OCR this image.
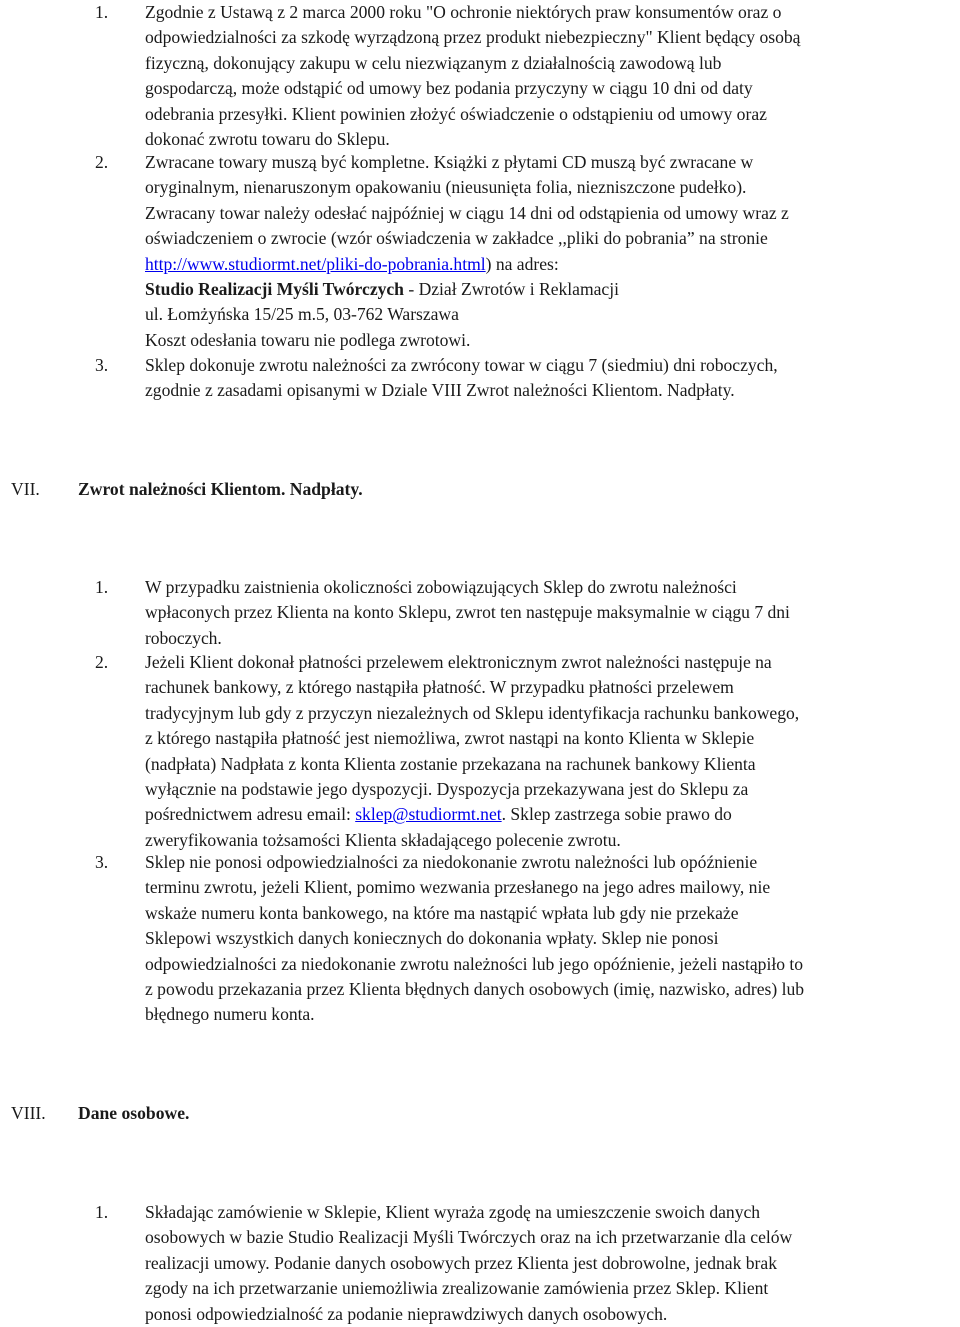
1. Zgodnie z Ustawą z 2 marca 2000 roku "O ochronie niektórych praw konsumentów oraz o
odpowiedzialności za szkodę wyrządzoną przez produkt niebezpieczny" Klient będący osobą
fizyczną, dokonujący zakupu w celu niezwiązanym z działalnością zawodową lub
gospodarczą, może odstąpić od umowy bez podania przyczyny w ciągu 10 dni od daty
odebrania przesyłki. Klient powinien złożyć oświadczenie o odstąpieniu od umowy oraz
dokonać zwrotu towaru do Sklepu.
2. Zwracane towary muszą być kompletne. Książki z płytami CD muszą być zwracane w
oryginalnym, nienaruszonym opakowaniu (nieusunięta folia, niezniszczone pudełko).
Zwracany towar należy odesłać najpóźniej w ciągu 14 dni od odstąpienia od umowy wraz z
oświadczeniem o zwrocie (wzór oświadczenia w zakładce ,,pliki do pobrania” na stronie
http://www.studiormt.net/pliki-do-pobrania.html) na adres:
Studio Realizacji Myśli Twórczych - Dział Zwrotów i Reklamacji
ul. Łomżyńska 15/25 m.5, 03-762 Warszawa
Koszt odesłania towaru nie podlega zwrotowi.
3. Sklep dokonuje zwrotu należności za zwrócony towar w ciągu 7 (siedmiu) dni roboczych,
zgodnie z zasadami opisanymi w Dziale VIII Zwrot należności Klientom. Nadpłaty.
VII. Zwrot należności Klientom. Nadpłaty.
1. W przypadku zaistnienia okoliczności zobowiązujących Sklep do zwrotu należności
wpłaconych przez Klienta na konto Sklepu, zwrot ten następuje maksymalnie w ciągu 7 dni
roboczych.
2. Jeżeli Klient dokonał płatności przelewem elektronicznym zwrot należności następuje na
rachunek bankowy, z którego nastąpiła płatność. W przypadku płatności przelewem
tradycyjnym lub gdy z przyczyn niezależnych od Sklepu identyfikacja rachunku bankowego,
z którego nastąpiła płatność jest niemożliwa, zwrot nastąpi na konto Klienta w Sklepie
(nadpłata) Nadpłata z konta Klienta zostanie przekazana na rachunek bankowy Klienta
wyłącznie na podstawie jego dyspozycji. Dyspozycja przekazywana jest do Sklepu za
pośrednictwem adresu email: sklep@studiormt.net. Sklep zastrzega sobie prawo do
zweryfikowania tożsamości Klienta składającego polecenie zwrotu.
3. Sklep nie ponosi odpowiedzialności za niedokonanie zwrotu należności lub opóźnienie
terminu zwrotu, jeżeli Klient, pomimo wezwania przesłanego na jego adres mailowy, nie
wskaże numeru konta bankowego, na które ma nastąpić wpłata lub gdy nie przekaże
Sklepowi wszystkich danych koniecznych do dokonania wpłaty. Sklep nie ponosi
odpowiedzialności za niedokonanie zwrotu należności lub jego opóźnienie, jeżeli nastąpiło to
z powodu przekazania przez Klienta błędnych danych osobowych (imię, nazwisko, adres) lub
błędnego numeru konta.
VIII. Dane osobowe.
1. Składając zamówienie w Sklepie, Klient wyraża zgodę na umieszczenie swoich danych
osobowych w bazie Studio Realizacji Myśli Twórczych oraz na ich przetwarzanie dla celów
realizacji umowy. Podanie danych osobowych przez Klienta jest dobrowolne, jednak brak
zgody na ich przetwarzanie uniemożliwia zrealizowanie zamówienia przez Sklep. Klient
ponosi odpowiedzialność za podanie nieprawdziwych danych osobowych.
